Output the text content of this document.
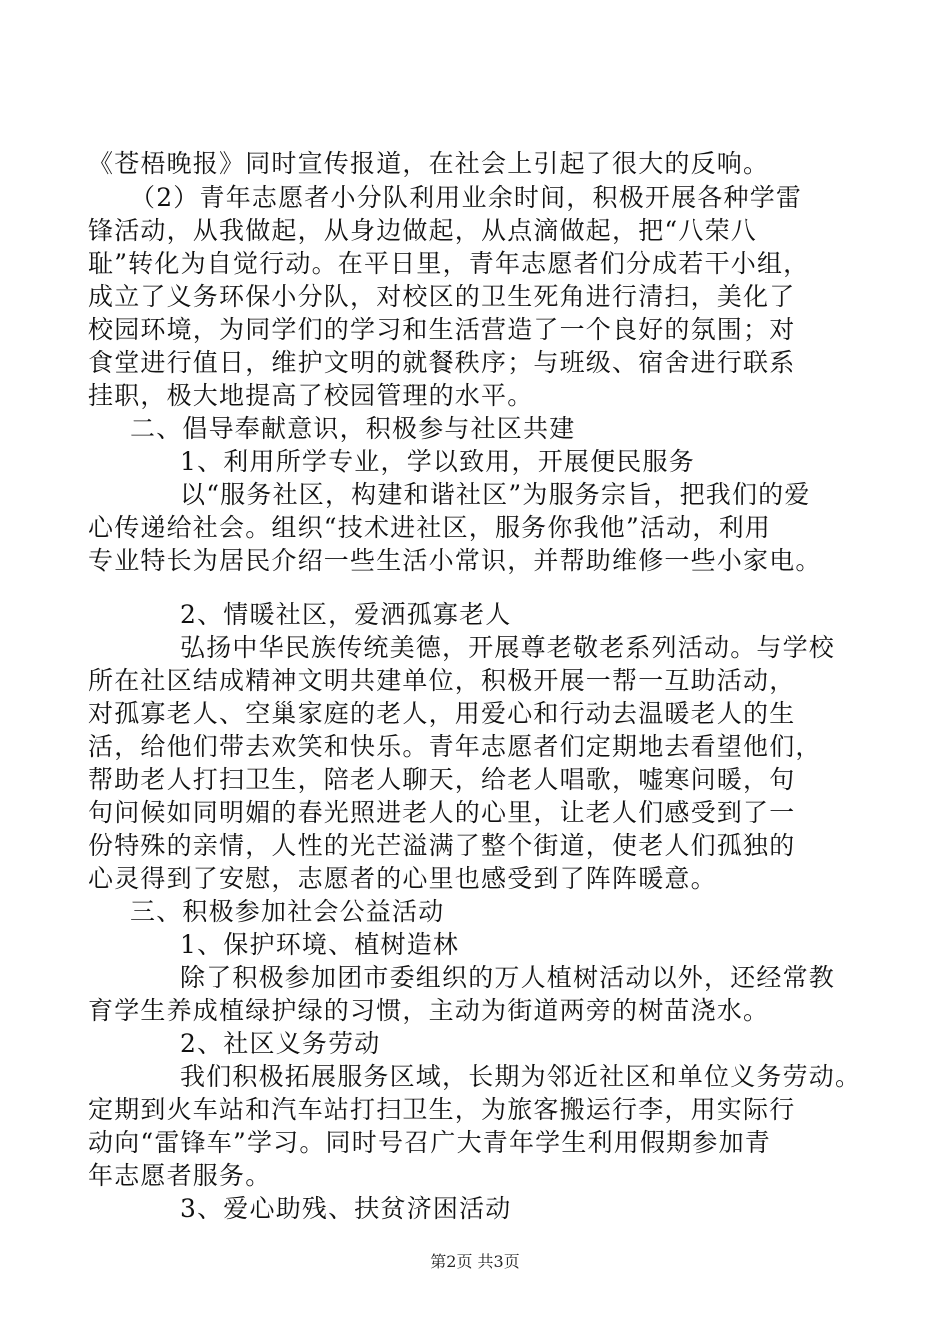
《苍梧晚报》同时宣传报道，在社会上引起了很大的反响。
（2）青年志愿者小分队利用业余时间，积极开展各种学雷
锋活动，从我做起，从身边做起，从点滴做起，把“八荣八
耻”转化为自觉行动。在平日里，青年志愿者们分成若干小组，
成立了义务环保小分队，对校区的卫生死角进行清扫，美化了
校园环境，为同学们的学习和生活营造了一个良好的氛围；对
食堂进行值日，维护文明的就餐秩序；与班级、宿舍进行联系
挂职，极大地提高了校园管理的水平。
二、倡导奉献意识，积极参与社区共建
1、利用所学专业，学以致用，开展便民服务
以“服务社区，构建和谐社区”为服务宗旨，把我们的爱
心传递给社会。组织“技术进社区，服务你我他”活动，利用
专业特长为居民介绍一些生活小常识，并帮助维修一些小家电。
2、情暖社区，爱洒孤寡老人
弘扬中华民族传统美德，开展尊老敬老系列活动。与学校
所在社区结成精神文明共建单位，积极开展一帮一互助活动，
对孤寡老人、空巢家庭的老人，用爱心和行动去温暖老人的生
活，给他们带去欢笑和快乐。青年志愿者们定期地去看望他们，
帮助老人打扫卫生，陪老人聊天，给老人唱歌，嘘寒问暖，句
句问候如同明媚的春光照进老人的心里，让老人们感受到了一
份特殊的亲情，人性的光芒溢满了整个街道，使老人们孤独的
心灵得到了安慰，志愿者的心里也感受到了阵阵暖意。
三、积极参加社会公益活动
1、保护环境、植树造林
除了积极参加团市委组织的万人植树活动以外，还经常教
育学生养成植绿护绿的习惯，主动为街道两旁的树苗浇水。
2、社区义务劳动
我们积极拓展服务区域，长期为邻近社区和单位义务劳动。
定期到火车站和汽车站打扫卫生，为旅客搬运行李，用实际行
动向“雷锋车”学习。同时号召广大青年学生利用假期参加青
年志愿者服务。
3、爱心助残、扶贫济困活动
第2页 共3页
